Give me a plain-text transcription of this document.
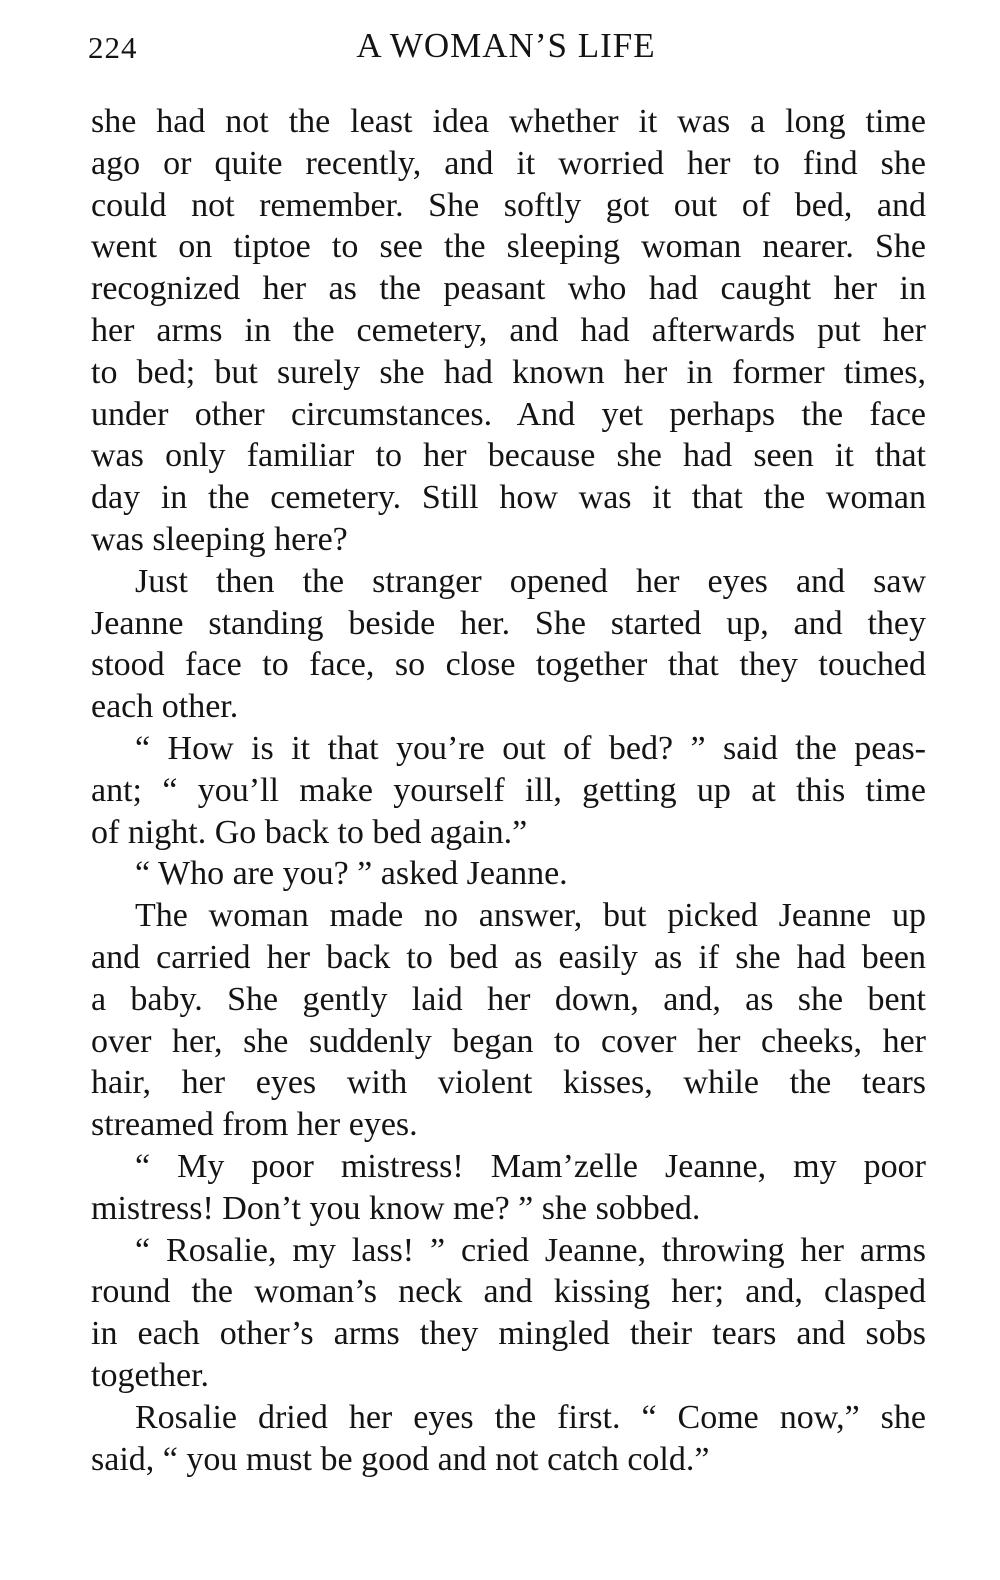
224	A WOMAN’S LIFE
she had not the least idea whether it was a long time
ago or quite recently, and it worried her to find she
could not remember. She softly got out of bed, and
went on tiptoe to see the sleeping woman nearer. She
recognized her as the peasant who had caught her in
her arms in the cemetery, and had afterwards put her
to bed; but surely she had known her in former times,
under other circumstances. And yet perhaps the face
was only familiar to her because she had seen it that
day in the cemetery. Still how was it that the woman
was sleeping here?
Just then the stranger opened her eyes and saw
Jeanne standing beside her. She started up, and they
stood face to face, so close together that they touched
each other.
“ How is it that you’re out of bed? ” said the peas-
ant; “ you’ll make yourself ill, getting up at this time
of night. Go back to bed again.”
“ Who are you? ” asked Jeanne.
The woman made no answer, but picked Jeanne up
and carried her back to bed as easily as if she had been
a baby. She gently laid her down, and, as she bent
over her, she suddenly began to cover her cheeks, her
hair, her eyes with violent kisses, while the tears
streamed from her eyes.
“ My poor mistress! Mam’zelle Jeanne, my poor
mistress! Don’t you know me? ” she sobbed.
“ Rosalie, my lass! ” cried Jeanne, throwing her arms
round the woman’s neck and kissing her; and, clasped
in each other’s arms they mingled their tears and sobs
together.
Rosalie dried her eyes the first. “ Come now,” she
said, “ you must be good and not catch cold.”
